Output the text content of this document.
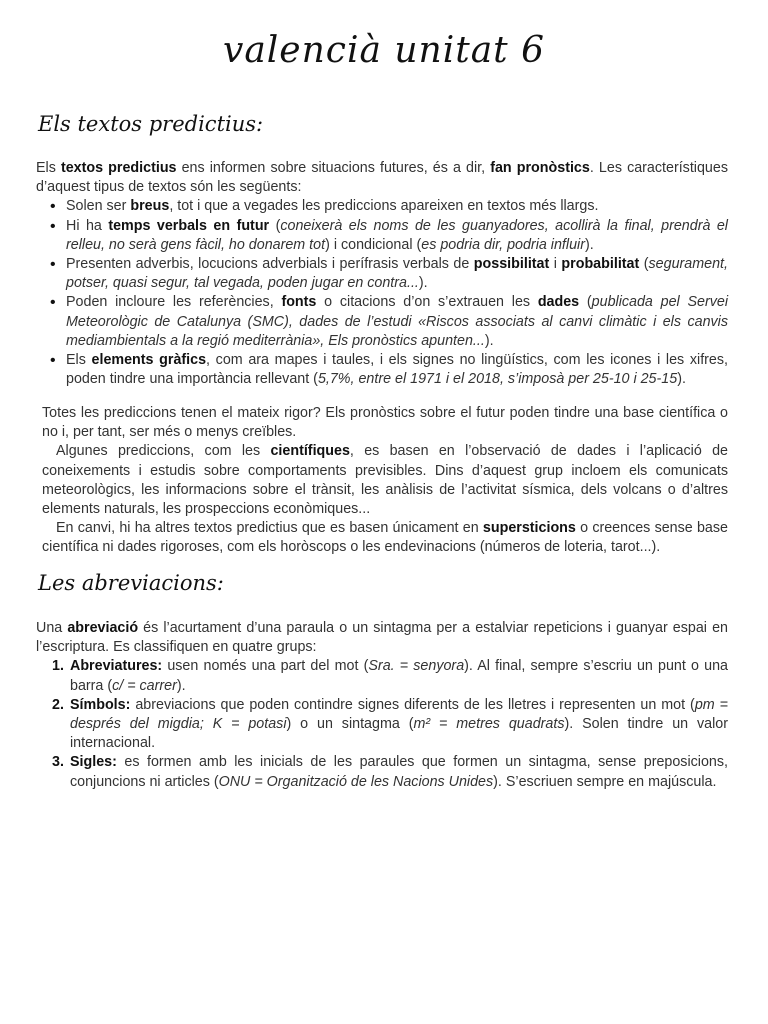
valencià unitat 6
Els textos predictius:

Els textos predictius ens informen sobre situacions futures, és a dir, fan pronòstics. Les característiques d’aquest tipus de textos són les següents:

• Solen ser breus, tot i que a vegades les prediccions apareixen en textos més llargs.
• Hi ha temps verbals en futur (coneixerà els noms de les guanyadores, acollirà la final, prendrà el relleu, no serà gens fàcil, ho donarem tot) i condicional (es podria dir, podria influir).
• Presenten adverbis, locucions adverbials i perífrasis verbals de possibilitat i probabilitat (segurament, potser, quasi segur, tal vegada, poden jugar en contra...).
• Poden incloure les referències, fonts o citacions d’on s’extrauen les dades (publicada pel Servei Meteorològic de Catalunya (SMC), dades de l’estudi «Riscos associats al canvi climàtic i els canvis mediambientals a la regió mediterrània», Els pronòstics apunten...).
• Els elements gràfics, com ara mapes i taules, i els signes no lingüístics, com les icones i les xifres, poden tindre una importància rellevant (5,7%, entre el 1971 i el 2018, s’imposà per 25-10 i 25-15).

Totes les prediccions tenen el mateix rigor? Els pronòstics sobre el futur poden tindre una base científica o no i, per tant, ser més o menys creïbles.

Algunes prediccions, com les científiques, es basen en l’observació de dades i l’aplicació de coneixements i estudis sobre comportaments previsibles. Dins d’aquest grup incloem els comunicats meteorològics, les informacions sobre el trànsit, les anàlisis de l’activitat sísmica, dels volcans o d’altres elements naturals, les prospeccions econòmiques...

En canvi, hi ha altres textos predictius que es basen únicament en supersticions o creences sense base científica ni dades rigoroses, com els horòscops o les endevinacions (números de loteria, tarot...).

Les abreviacions:

Una abreviació és l’acurtament d’una paraula o un sintagma per a estalviar repeticions i guanyar espai en l’escriptura. Es classifiquen en quatre grups:

1. Abreviatures: usen només una part del mot (Sra. = senyora). Al final, sempre s’escriu un punt o una barra (c/ = carrer).
2. Símbols: abreviacions que poden contindre signes diferents de les lletres i representen un mot (pm = després del migdia; K = potasi) o un sintagma (m² = metres quadrats). Solen tindre un valor internacional.
3. Sigles: es formen amb les inicials de les paraules que formen un sintagma, sense preposicions, conjuncions ni articles (ONU = Organització de les Nacions Unides). S’escriuen sempre en majúscula.
